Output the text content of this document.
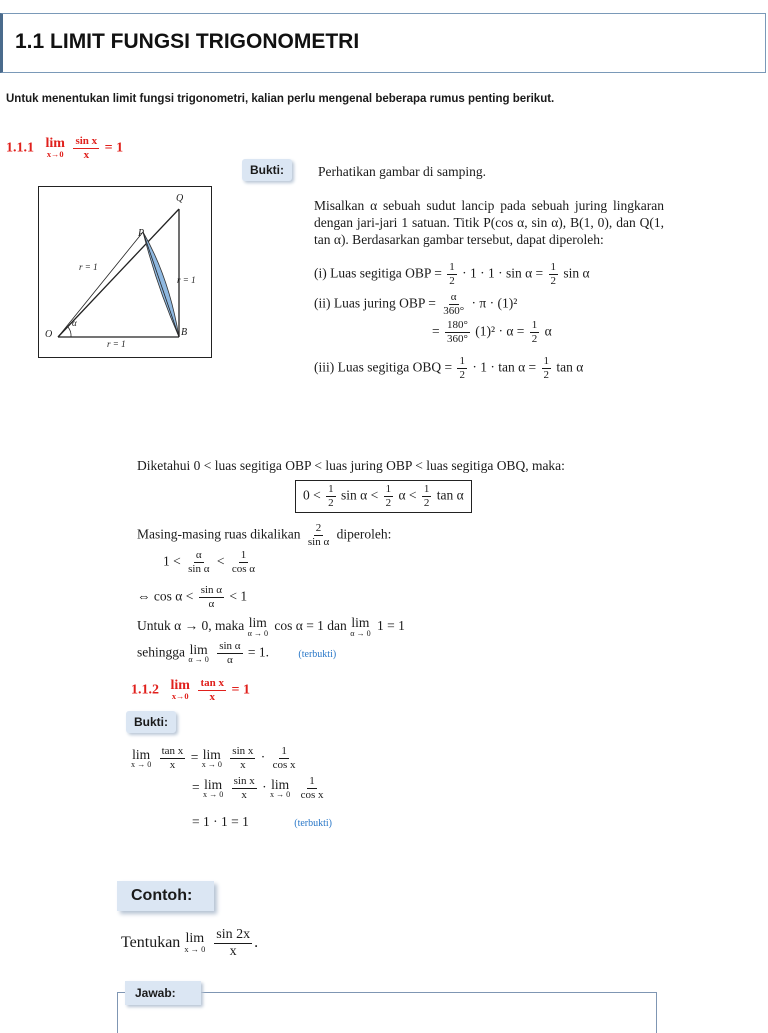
1.1 LIMIT FUNGSI TRIGONOMETRI
Untuk menentukan limit fungsi trigonometri, kalian perlu mengenal beberapa rumus penting berikut.
1.1.1 lim
x→0
$\frac{\text{sin x}}{x} = 1$
Bukti:
Q
P
O	B
r = 1
r = 1
r = 1
α
Perhatikan gambar di samping.
Misalkan α sebuah sudut lancip pada sebuah juring lingkaran dengan jari-jari 1 satuan. Titik P(cos α, sin α), B(1, 0), dan Q(1, tan α). Berdasarkan gambar tersebut, dapat diperoleh:
(i) Luas segitiga OBP = $\frac{1}{2} \cdot 1 \cdot 1 \cdot \sin \alpha = \frac{1}{2}$ sin α
(ii) Luas juring OBP = $\frac{\alpha}{360^\circ} \cdot \pi \cdot (1)^2$
= $\frac{180^\circ}{360^\circ} (1)^2 \cdot \alpha = \frac{1}{2}$ α
(iii) Luas segitiga OBQ = $\frac{1}{2} \cdot 1 \cdot \tan \alpha = \frac{1}{2}$ tan α
Diketahui 0 < luas segitiga OBP < luas juring OBP < luas segitiga OBQ, maka:
$0 < \frac{1}{2}$ $\sin \alpha < \frac{1}{2}$ $\alpha < \frac{1}{2}$ tan α
Masing-masing ruas dikalikan $\frac{2}{\text{sin α}}$ diperoleh:
$1 < \frac{\alpha}{\text{sin α}} < \frac{1}{\text{cos α}}$
⇔ $\cos \alpha < \frac{\text{sin α}}{\alpha} < 1$
Untuk α → 0, maka lim
α → 0
cos α = 1 dan lim
α → 0
1 = 1
sehingga lim
α → 0
$\frac{\text{sin α}}{\alpha} = 1$.	(terbukti)
1.1.2 lim
x→0
$\frac{\text{tan x}}{x} = 1$
Bukti:
lim
x → 0
$\frac{\text{tan x}}{x} = \lim$
x → 0
$\frac{\text{sin x}}{x} \cdot \frac{1}{\text{cos x}}$
= lim
x → 0
$\frac{\text{sin x}}{x} \cdot \lim$
x → 0
$\frac{1}{\text{cos x}}$
= 1 · 1 = 1	(terbukti)
Contoh:
Tentukan lim
x → 0
$\frac{\sin 2x}{x}$ .
Jawab:
